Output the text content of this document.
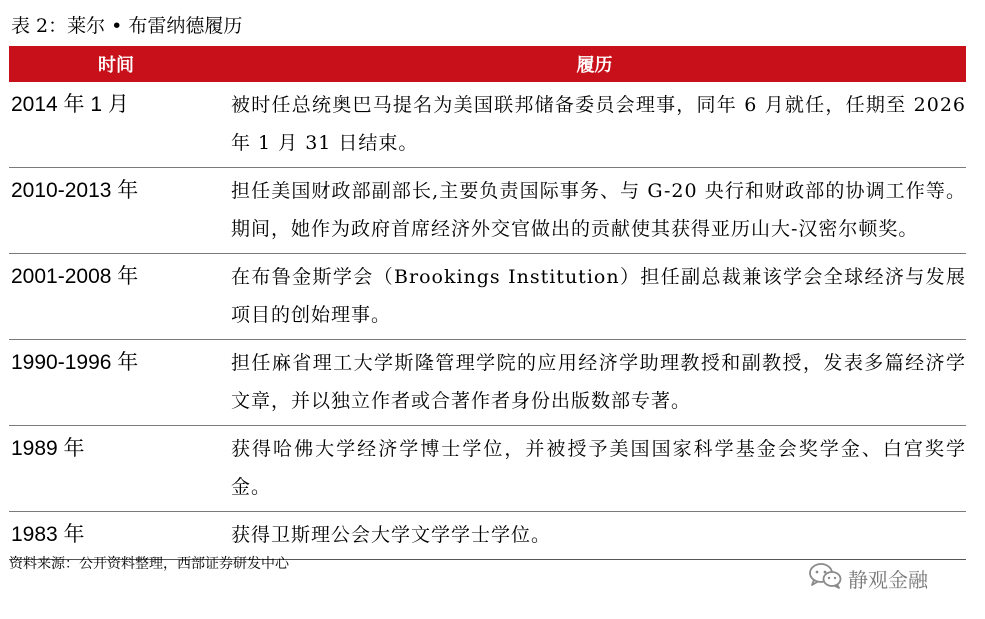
表 2：莱尔 • 布雷纳德履历
时间	履历
2014 年 1 月	被时任总统奥巴马提名为美国联邦储备委员会理事，同年 6 月就任，任期至 2026 年 1 月 31 日结束。
2010-2013 年	担任美国财政部副部长,主要负责国际事务、与 G-20 央行和财政部的协调工作等。期间，她作为政府首席经济外交官做出的贡献使其获得亚历山大-汉密尔顿奖。
2001-2008 年	在布鲁金斯学会（Brookings Institution）担任副总裁兼该学会全球经济与发展项目的创始理事。
1990-1996 年	担任麻省理工大学斯隆管理学院的应用经济学助理教授和副教授，发表多篇经济学文章，并以独立作者或合著作者身份出版数部专著。
1989 年	获得哈佛大学经济学博士学位，并被授予美国国家科学基金会奖学金、白宫奖学金。
1983 年	获得卫斯理公会大学文学学士学位。
资料来源：公开资料整理，西部证券研发中心
静观金融
